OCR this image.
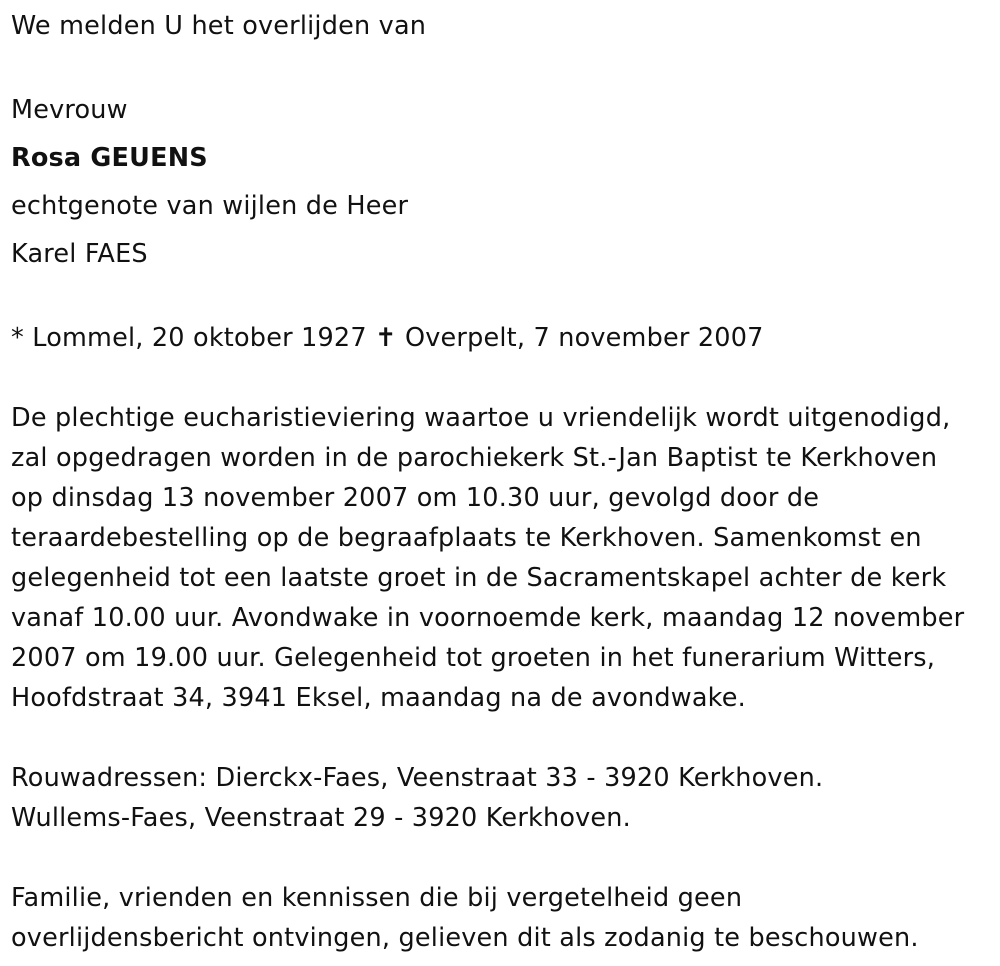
We melden U het overlijden van
Mevrouw
Rosa GEUENS
echtgenote van wijlen de Heer
Karel FAES
* Lommel, 20 oktober 1927 ✝ Overpelt, 7 november 2007
De plechtige eucharistieviering waartoe u vriendelijk wordt uitgenodigd,
zal opgedragen worden in de parochiekerk St.-Jan Baptist te Kerkhoven
op dinsdag 13 november 2007 om 10.30 uur, gevolgd door de
teraardebestelling op de begraafplaats te Kerkhoven. Samenkomst en
gelegenheid tot een laatste groet in de Sacramentskapel achter de kerk
vanaf 10.00 uur. Avondwake in voornoemde kerk, maandag 12 november
2007 om 19.00 uur. Gelegenheid tot groeten in het funerarium Witters,
Hoofdstraat 34, 3941 Eksel, maandag na de avondwake.
Rouwadressen: Dierckx-Faes, Veenstraat 33 - 3920 Kerkhoven.
Wullems-Faes, Veenstraat 29 - 3920 Kerkhoven.
Familie, vrienden en kennissen die bij vergetelheid geen
overlijdensbericht ontvingen, gelieven dit als zodanig te beschouwen.
